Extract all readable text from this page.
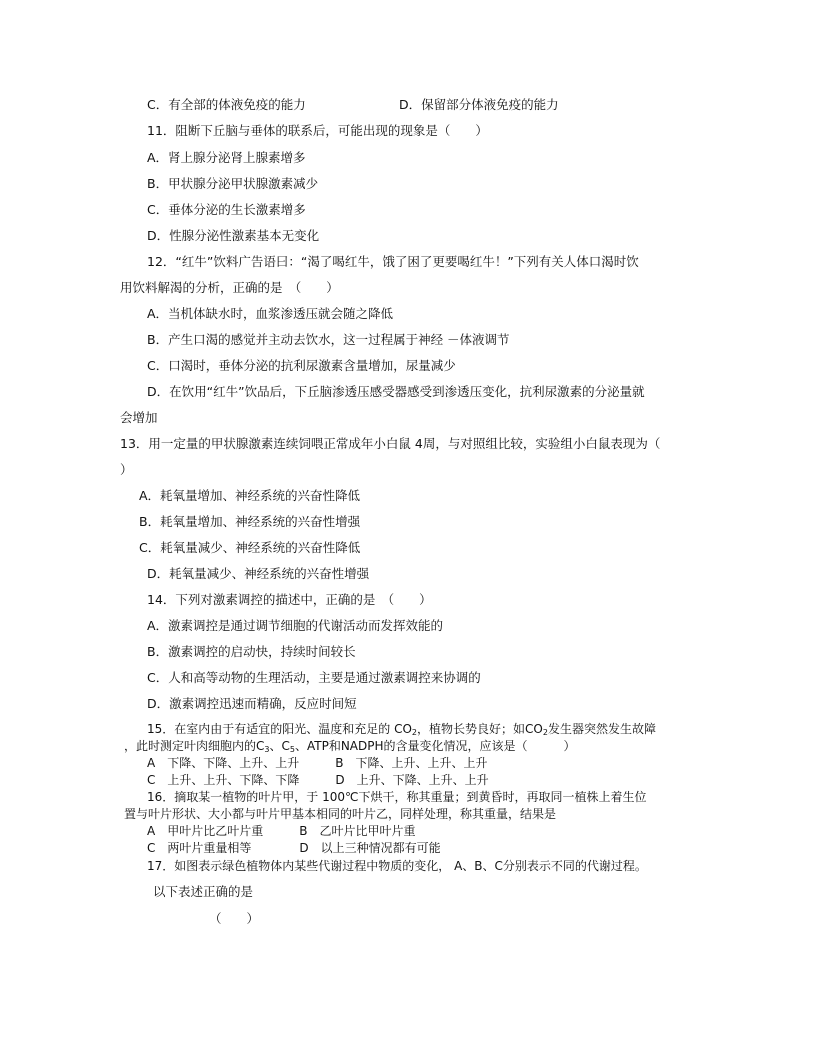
C．有全部的体液免疫的能力	D．保留部分体液免疫的能力
11．阻断下丘脑与垂体的联系后，可能出现的现象是（　　）
A．肾上腺分泌肾上腺素增多
B．甲状腺分泌甲状腺激素减少
C．垂体分泌的生长激素增多
D．性腺分泌性激素基本无变化
12．“红牛”饮料广告语曰：“渴了喝红牛，饿了困了更要喝红牛！”下列有关人体口渴时饮
用饮料解渴的分析，正确的是　（　　）
A．当机体缺水时，血浆渗透压就会随之降低
B．产生口渴的感觉并主动去饮水，这一过程属于神经 －体液调节
C．口渴时，垂体分泌的抗利尿激素含量增加，尿量减少
D．在饮用“红牛”饮品后，下丘脑渗透压感受器感受到渗透压变化，抗利尿激素的分泌量就
会增加
13．用一定量的甲状腺激素连续饲喂正常成年小白鼠 4周，与对照组比较，实验组小白鼠表现为（
）
A．耗氧量增加、神经系统的兴奋性降低
B．耗氧量增加、神经系统的兴奋性增强
C．耗氧量减少、神经系统的兴奋性降低
D．耗氧量减少、神经系统的兴奋性增强
14．下列对激素调控的描述中，正确的是　（　　）
A．激素调控是通过调节细胞的代谢活动而发挥效能的
B．激素调控的启动快，持续时间较长
C．人和高等动物的生理活动，主要是通过激素调控来协调的
D．激素调控迅速而精确，反应时间短
15．在室内由于有适宜的阳光、温度和充足的 $CO_2$，植物长势良好；如$CO_2$发生器突然发生故障
，此时测定叶肉细胞内的$C_3$、$C_5$、ATP和NADPH的含量变化情况，应该是（　　　）
A　下降、下降、上升、上升　　　B　下降、上升、上升、上升
C　上升、上升、下降、下降　　　D　上升、下降、上升、上升
16．摘取某一植物的叶片甲，于 100℃下烘干，称其重量；到黄昏时，再取同一植株上着生位
置与叶片形状、大小都与叶片甲基本相同的叶片乙，同样处理，称其重量，结果是
A　甲叶片比乙叶片重　　　B　乙叶片比甲叶片重
C　两叶片重量相等　　　　D　以上三种情况都有可能
17．如图表示绿色植物体内某些代谢过程中物质的变化， A、B、C分别表示不同的代谢过程。
以下表述正确的是
（　　）
